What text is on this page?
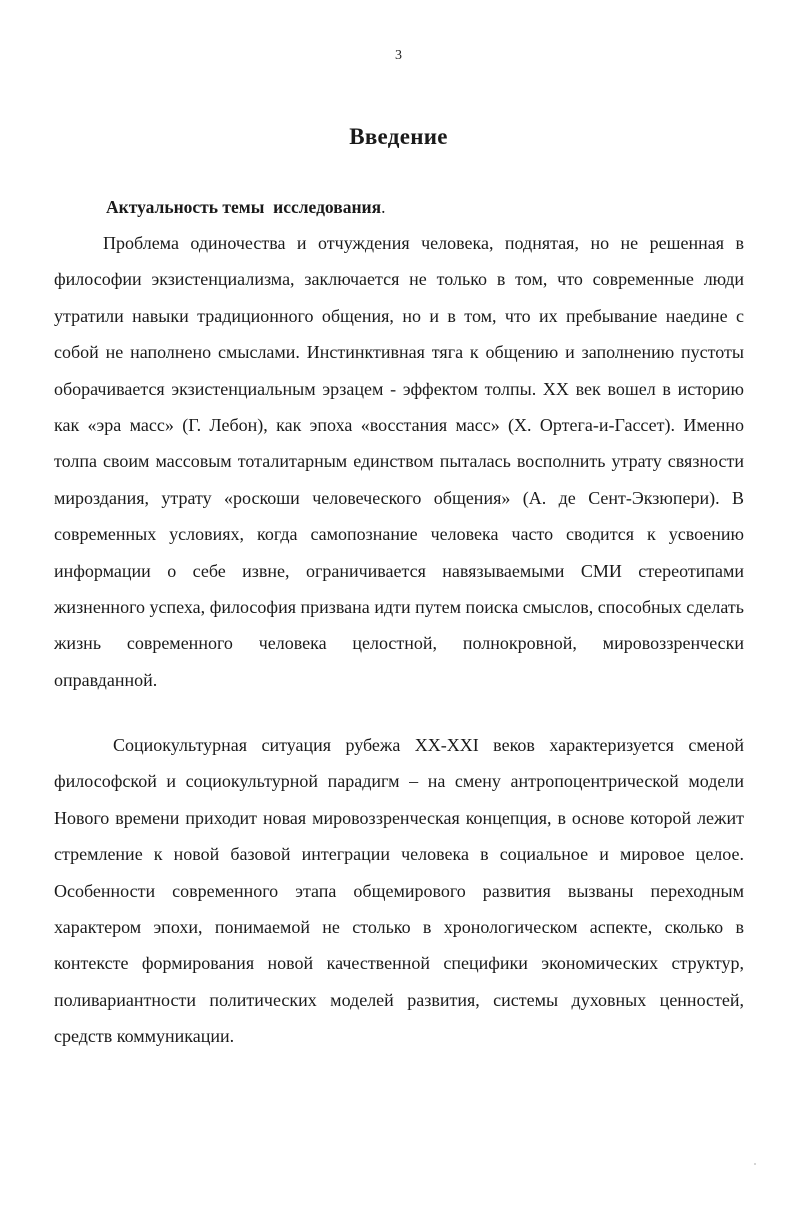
3
Введение
Актуальность темы  исследования.

Проблема одиночества и отчуждения человека, поднятая, но не решенная в философии экзистенциализма, заключается не только в том, что современные люди утратили навыки традиционного общения, но и в том, что их пребывание наедине с собой не наполнено смыслами. Инстинктивная тяга к общению и заполнению пустоты оборачивается экзистенциальным эрзацем - эффектом толпы. XX век вошел в историю как «эра масс» (Г. Лебон), как эпоха «восстания масс» (X. Ортега-и-Гассет). Именно толпа своим массовым тоталитарным единством пыталась восполнить утрату связности мироздания, утрату «роскоши человеческого общения» (А. де Сент-Экзюпери). В современных условиях, когда самопознание человека часто сводится к усвоению информации о себе извне, ограничивается навязываемыми СМИ стереотипами жизненного успеха, философия призвана идти путем поиска смыслов, способных сделать жизнь современного человека целостной, полнокровной, мировоззренчески оправданной.

Социокультурная ситуация рубежа XX-XXI веков характеризуется сменой философской и социокультурной парадигм – на смену антропоцентрической модели Нового времени приходит новая мировоззренческая концепция, в основе которой лежит стремление к новой базовой интеграции человека в социальное и мировое целое. Особенности современного этапа общемирового развития вызваны переходным характером эпохи, понимаемой не столько в хронологическом аспекте, сколько в контексте формирования новой качественной специфики экономических структур, поливариантности политических моделей развития, системы духовных ценностей, средств коммуникации.
